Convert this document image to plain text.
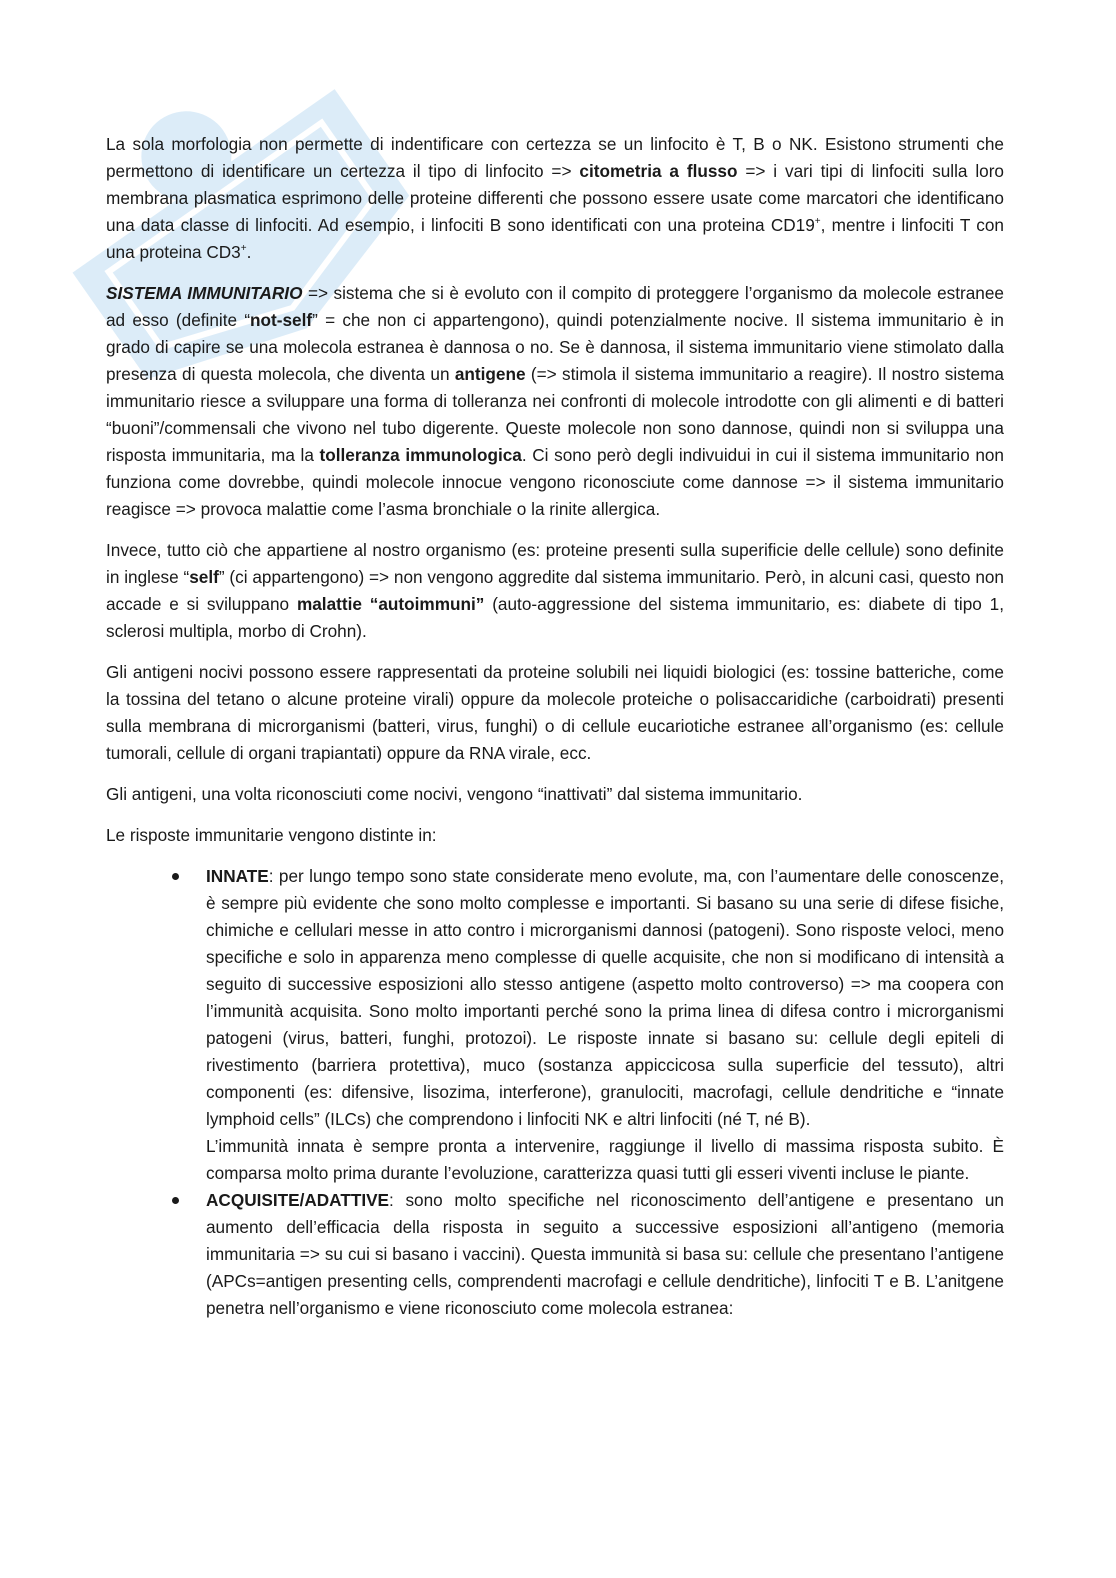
La sola morfologia non permette di indentificare con certezza se un linfocito è T, B o NK. Esistono strumenti che permettono di identificare un certezza il tipo di linfocito => citometria a flusso => i vari tipi di linfociti sulla loro membrana plasmatica esprimono delle proteine differenti che possono essere usate come marcatori che identificano una data classe di linfociti. Ad esempio, i linfociti B sono identificati con una proteina CD19+, mentre i linfociti T con una proteina CD3+.

SISTEMA IMMUNITARIO => sistema che si è evoluto con il compito di proteggere l’organismo da molecole estranee ad esso (definite “not-self” = che non ci appartengono), quindi potenzialmente nocive. Il sistema immunitario è in grado di capire se una molecola estranea è dannosa o no. Se è dannosa, il sistema immunitario viene stimolato dalla presenza di questa molecola, che diventa un antigene (=> stimola il sistema immunitario a reagire). Il nostro sistema immunitario riesce a sviluppare una forma di tolleranza nei confronti di molecole introdotte con gli alimenti e di batteri “buoni”/commensali che vivono nel tubo digerente. Queste molecole non sono dannose, quindi non si sviluppa una risposta immunitaria, ma la tolleranza immunologica. Ci sono però degli indivuidui in cui il sistema immunitario non funziona come dovrebbe, quindi molecole innocue vengono riconosciute come dannose => il sistema immunitario reagisce => provoca malattie come l’asma bronchiale o la rinite allergica.

Invece, tutto ciò che appartiene al nostro organismo (es: proteine presenti sulla superificie delle cellule) sono definite in inglese “self” (ci appartengono) => non vengono aggredite dal sistema immunitario. Però, in alcuni casi, questo non accade e si sviluppano malattie “autoimmuni” (auto-aggressione del sistema immunitario, es: diabete di tipo 1, sclerosi multipla, morbo di Crohn).

Gli antigeni nocivi possono essere rappresentati da proteine solubili nei liquidi biologici (es: tossine batteriche, come la tossina del tetano o alcune proteine virali) oppure da molecole proteiche o polisaccaridiche (carboidrati) presenti sulla membrana di microrganismi (batteri, virus, funghi) o di cellule eucariotiche estranee all’organismo (es: cellule tumorali, cellule di organi trapiantati) oppure da RNA virale, ecc.

Gli antigeni, una volta riconosciuti come nocivi, vengono “inattivati” dal sistema immunitario.

Le risposte immunitarie vengono distinte in:

INNATE: per lungo tempo sono state considerate meno evolute, ma, con l’aumentare delle conoscenze, è sempre più evidente che sono molto complesse e importanti. Si basano su una serie di difese fisiche, chimiche e cellulari messe in atto contro i microrganismi dannosi (patogeni). Sono risposte veloci, meno specifiche e solo in apparenza meno complesse di quelle acquisite, che non si modificano di intensità a seguito di successive esposizioni allo stesso antigene (aspetto molto controverso) => ma coopera con l’immunità acquisita. Sono molto importanti perché sono la prima linea di difesa contro i microrganismi patogeni (virus, batteri, funghi, protozoi). Le risposte innate si basano su: cellule degli epiteli di rivestimento (barriera protettiva), muco (sostanza appiccicosa sulla superficie del tessuto), altri componenti (es: difensive, lisozima, interferone), granulociti, macrofagi, cellule dendritiche e “innate lymphoid cells” (ILCs) che comprendono i linfociti NK e altri linfociti (né T, né B).
L’immunità innata è sempre pronta a intervenire, raggiunge il livello di massima risposta subito. È comparsa molto prima durante l’evoluzione, caratterizza quasi tutti gli esseri viventi incluse le piante.
ACQUISITE/ADATTIVE: sono molto specifiche nel riconoscimento dell’antigene e presentano un aumento dell’efficacia della risposta in seguito a successive esposizioni all’antigeno (memoria immunitaria => su cui si basano i vaccini). Questa immunità si basa su: cellule che presentano l’antigene (APCs=antigen presenting cells, comprendenti macrofagi e cellule dendritiche), linfociti T e B. L’anitgene penetra nell’organismo e viene riconosciuto come molecola estranea:
